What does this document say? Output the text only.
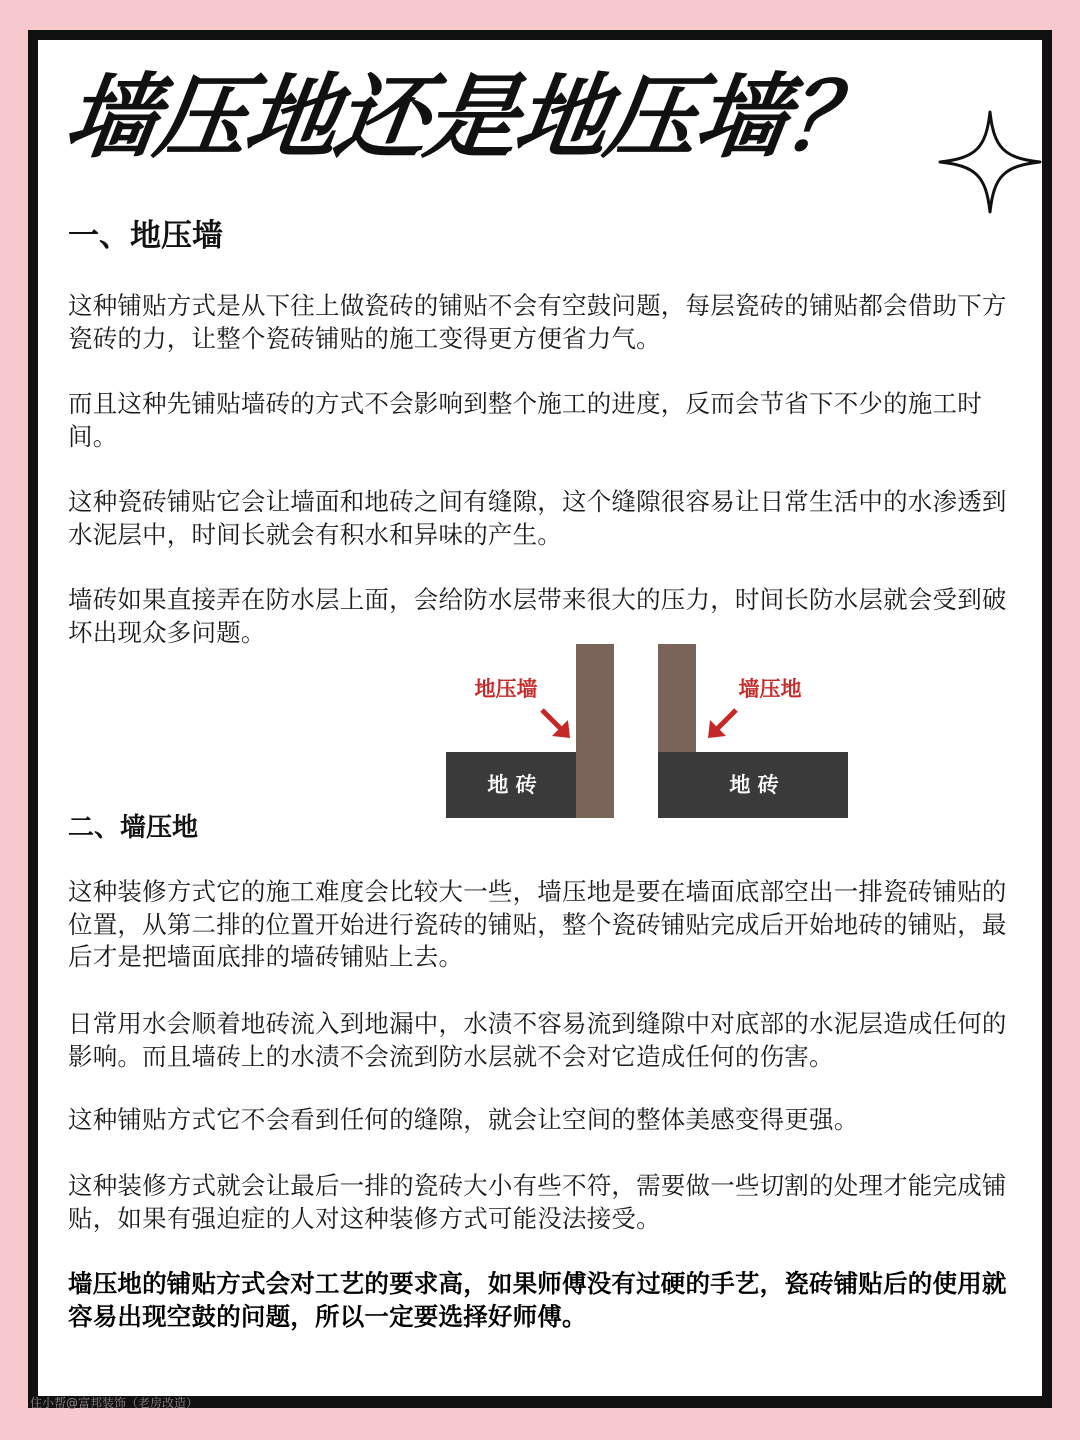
墙压地还是地压墙？
一、地压墙
这种铺贴方式是从下往上做瓷砖的铺贴不会有空鼓问题，每层瓷砖的铺贴都会借助下方瓷砖的力，让整个瓷砖铺贴的施工变得更方便省力气。
而且这种先铺贴墙砖的方式不会影响到整个施工的进度，反而会节省下不少的施工时间。
这种瓷砖铺贴它会让墙面和地砖之间有缝隙，这个缝隙很容易让日常生活中的水渗透到水泥层中，时间长就会有积水和异味的产生。
墙砖如果直接弄在防水层上面，会给防水层带来很大的压力，时间长防水层就会受到破坏出现众多问题。
地 砖
地压墙
地 砖
墙压地
二、墙压地
这种装修方式它的施工难度会比较大一些，墙压地是要在墙面底部空出一排瓷砖铺贴的位置，从第二排的位置开始进行瓷砖的铺贴，整个瓷砖铺贴完成后开始地砖的铺贴，最后才是把墙面底排的墙砖铺贴上去。
日常用水会顺着地砖流入到地漏中，水渍不容易流到缝隙中对底部的水泥层造成任何的影响。而且墙砖上的水渍不会流到防水层就不会对它造成任何的伤害。
这种铺贴方式它不会看到任何的缝隙，就会让空间的整体美感变得更强。
这种装修方式就会让最后一排的瓷砖大小有些不符，需要做一些切割的处理才能完成铺贴，如果有强迫症的人对这种装修方式可能没法接受。
墙压地的铺贴方式会对工艺的要求高，如果师傅没有过硬的手艺，瓷砖铺贴后的使用就容易出现空鼓的问题，所以一定要选择好师傅。
住小帮@富邦装饰（老房改造）
